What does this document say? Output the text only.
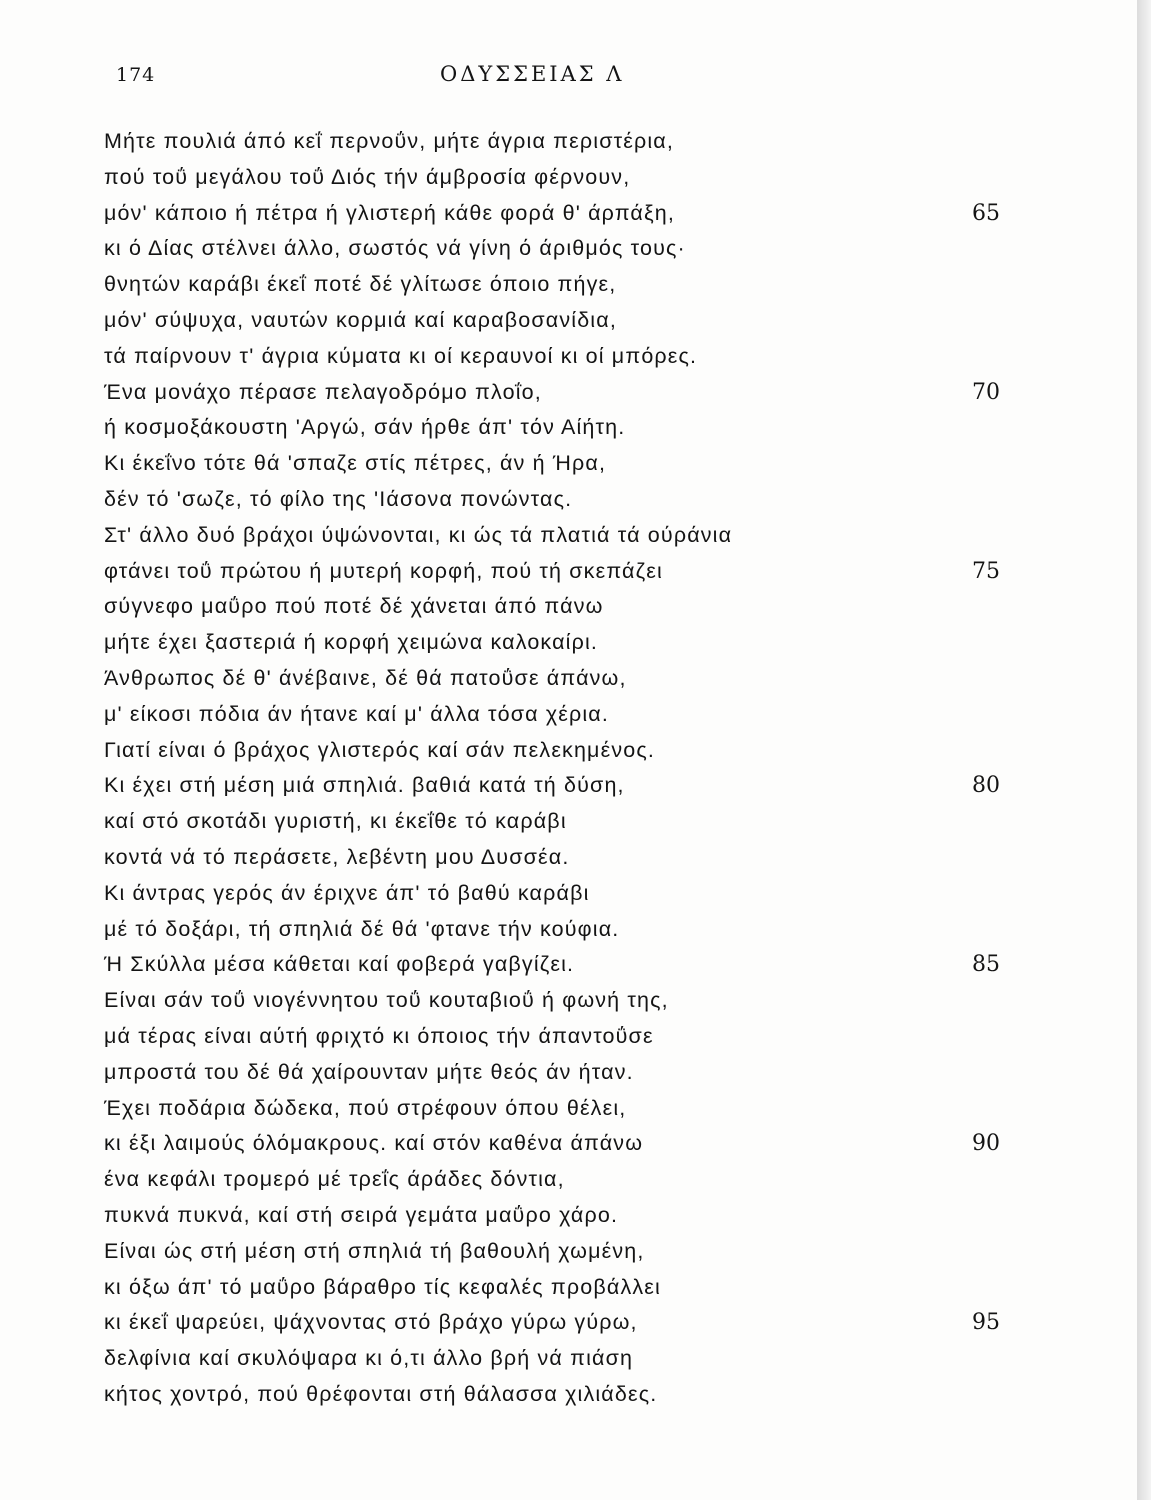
174	ΟΔΥΣΣΕΙΑΣ Λ
Μήτε πουλιά άπό κεΐ περνοΰν, μήτε άγρια περιστέρια,
πού τοΰ μεγάλου τοΰ Διός τήν άμβροσία φέρνουν,
μόν' κάποιο ή πέτρα ή γλιστερή κάθε φορά θ' άρπάξη,	65
κι ό Δίας στέλνει άλλο, σωστός νά γίνη ό άριθμός τους·
θνητών καράβι έκεΐ ποτέ δέ γλίτωσε όποιο πήγε,
μόν' σύψυχα, ναυτών κορμιά καί καραβοσανίδια,
τά παίρνουν τ' άγρια κύματα κι οί κεραυνοί κι οί μπόρες.
Ένα μονάχο πέρασε πελαγοδρόμο πλοΐο,	70
ή κοσμοξάκουστη 'Αργώ, σάν ήρθε άπ' τόν Αίήτη.
Κι έκεΐνο τότε θά 'σπαζε στίς πέτρες, άν ή Ήρα,
δέν τό 'σωζε, τό φίλο της 'Ιάσονα πονώντας.
Στ' άλλο δυό βράχοι ύψώνονται, κι ώς τά πλατιά τά ούράνια
φτάνει τοΰ πρώτου ή μυτερή κορφή, πού τή σκεπάζει	75
σύγνεφο μαΰρο πού ποτέ δέ χάνεται άπό πάνω
μήτε έχει ξαστεριά ή κορφή χειμώνα καλοκαίρι.
Άνθρωπος δέ θ' άνέβαινε, δέ θά πατοΰσε άπάνω,
μ' είκοσι πόδια άν ήτανε καί μ' άλλα τόσα χέρια.
Γιατί είναι ό βράχος γλιστερός καί σάν πελεκημένος.
Κι έχει στή μέση μιά σπηλιά. βαθιά κατά τή δύση,	80
καί στό σκοτάδι γυριστή, κι έκεΐθε τό καράβι
κοντά νά τό περάσετε, λεβέντη μου Δυσσέα.
Κι άντρας γερός άν έριχνε άπ' τό βαθύ καράβι
μέ τό δοξάρι, τή σπηλιά δέ θά 'φτανε τήν κούφια.
Ή Σκύλλα μέσα κάθεται καί φοβερά γαβγίζει.	85
Είναι σάν τοΰ νιογέννητου τοΰ κουταβιοΰ ή φωνή της,
μά τέρας είναι αύτή φριχτό κι όποιος τήν άπαντοΰσε
μπροστά του δέ θά χαίρουνταν μήτε θεός άν ήταν.
Έχει ποδάρια δώδεκα, πού στρέφουν όπου θέλει,
κι έξι λαιμούς όλόμακρους. καί στόν καθένα άπάνω	90
ένα κεφάλι τρομερό μέ τρεΐς άράδες δόντια,
πυκνά πυκνά, καί στή σειρά γεμάτα μαΰρο χάρο.
Είναι ώς στή μέση στή σπηλιά τή βαθουλή χωμένη,
κι όξω άπ' τό μαΰρο βάραθρο τίς κεφαλές προβάλλει
κι έκεΐ ψαρεύει, ψάχνοντας στό βράχο γύρω γύρω,	95
δελφίνια καί σκυλόψαρα κι ό,τι άλλο βρή νά πιάση
κήτος χοντρό, πού θρέφονται στή θάλασσα χιλιάδες.
